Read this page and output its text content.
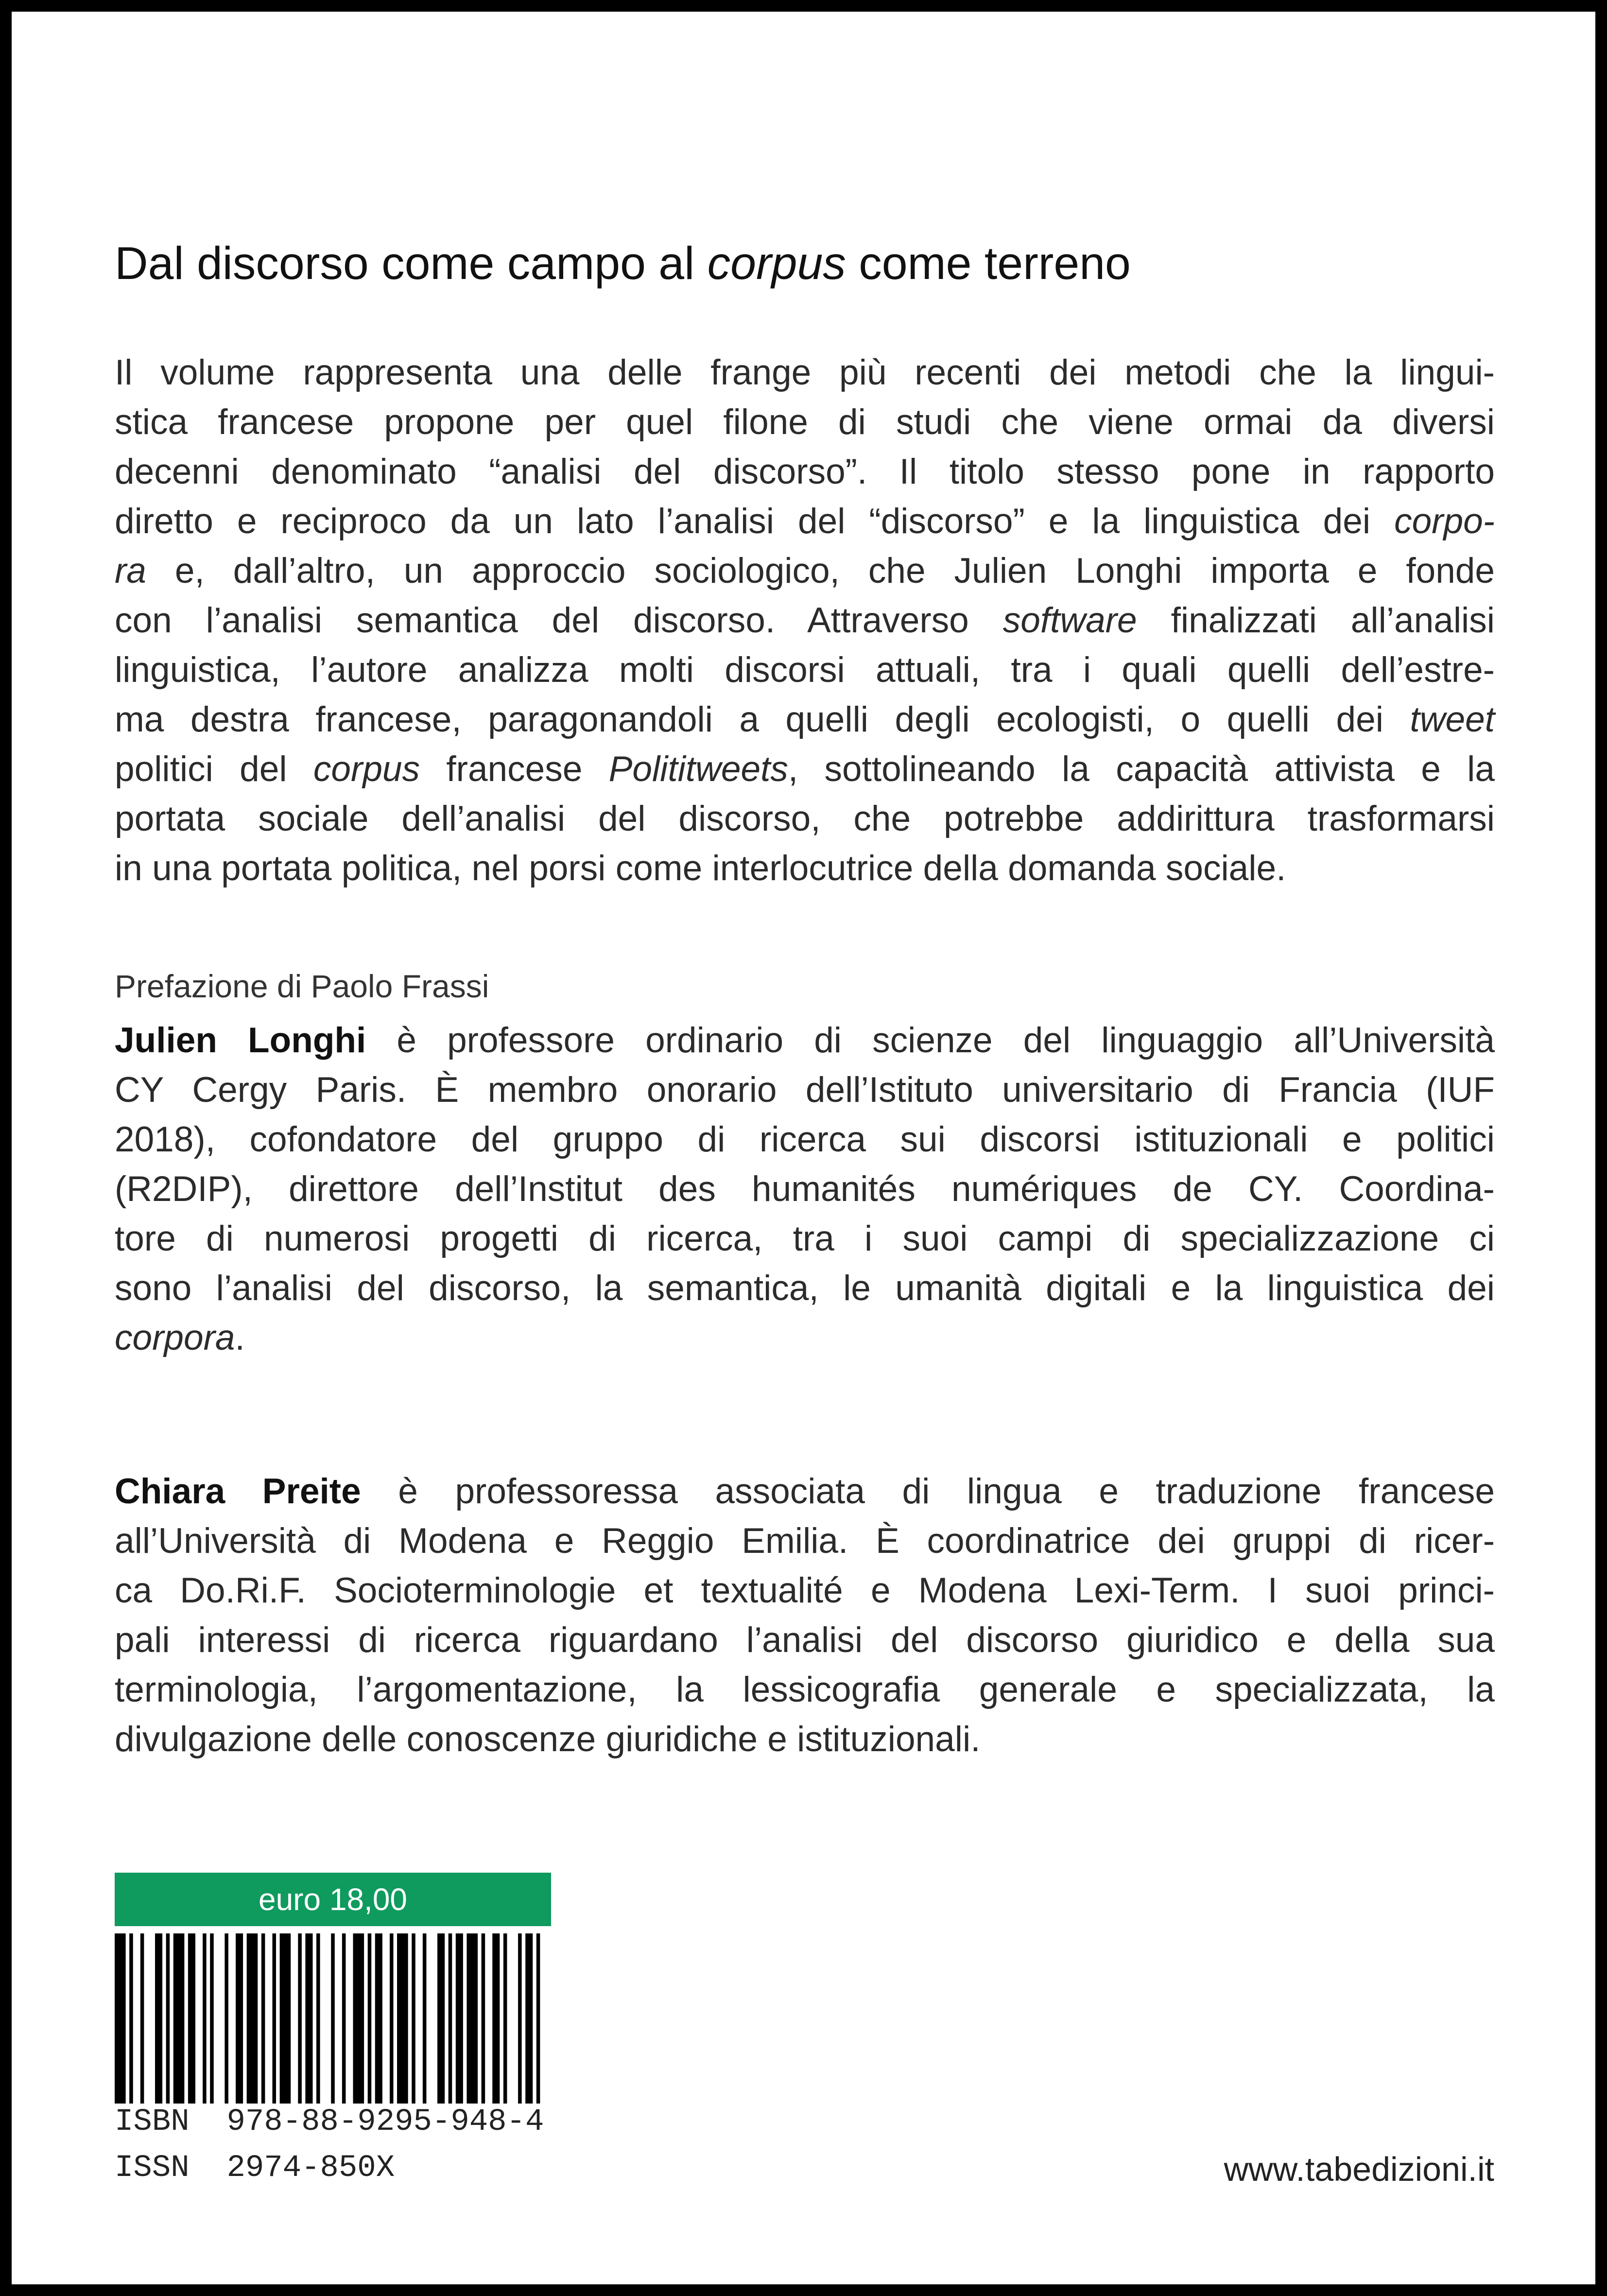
Dal discorso come campo al corpus come terreno
Il volume rappresenta una delle frange più recenti dei metodi che la lingui-
stica francese propone per quel filone di studi che viene ormai da diversi
decenni denominato “analisi del discorso”. Il titolo stesso pone in rapporto
diretto e reciproco da un lato l’analisi del “discorso” e la linguistica dei corpo-
ra e, dall’altro, un approccio sociologico, che Julien Longhi importa e fonde
con l’analisi semantica del discorso. Attraverso software finalizzati all’analisi
linguistica, l’autore analizza molti discorsi attuali, tra i quali quelli dell’estre-
ma destra francese, paragonandoli a quelli degli ecologisti, o quelli dei tweet
politici del corpus francese Polititweets, sottolineando la capacità attivista e la
portata sociale dell’analisi del discorso, che potrebbe addirittura trasformarsi
in una portata politica, nel porsi come interlocutrice della domanda sociale.

Prefazione di Paolo Frassi

Julien Longhi è professore ordinario di scienze del linguaggio all’Università
CY Cergy Paris. È membro onorario dell’Istituto universitario di Francia (IUF
2018), cofondatore del gruppo di ricerca sui discorsi istituzionali e politici
(R2DIP), direttore dell’Institut des humanités numériques de CY. Coordina-
tore di numerosi progetti di ricerca, tra i suoi campi di specializzazione ci
sono l’analisi del discorso, la semantica, le umanità digitali e la linguistica dei
corpora.
Chiara Preite è professoressa associata di lingua e traduzione francese
all’Università di Modena e Reggio Emilia. È coordinatrice dei gruppi di ricer-
ca Do.Ri.F. Socioterminologie et textualité e Modena Lexi-Term. I suoi princi-
pali interessi di ricerca riguardano l’analisi del discorso giuridico e della sua
terminologia, l’argomentazione, la lessicografia generale e specializzata, la
divulgazione delle conoscenze giuridiche e istituzionali.
euro 18,00
ISBN  978-88-9295-948-4
ISSN  2974-850X	www.tabedizioni.it
